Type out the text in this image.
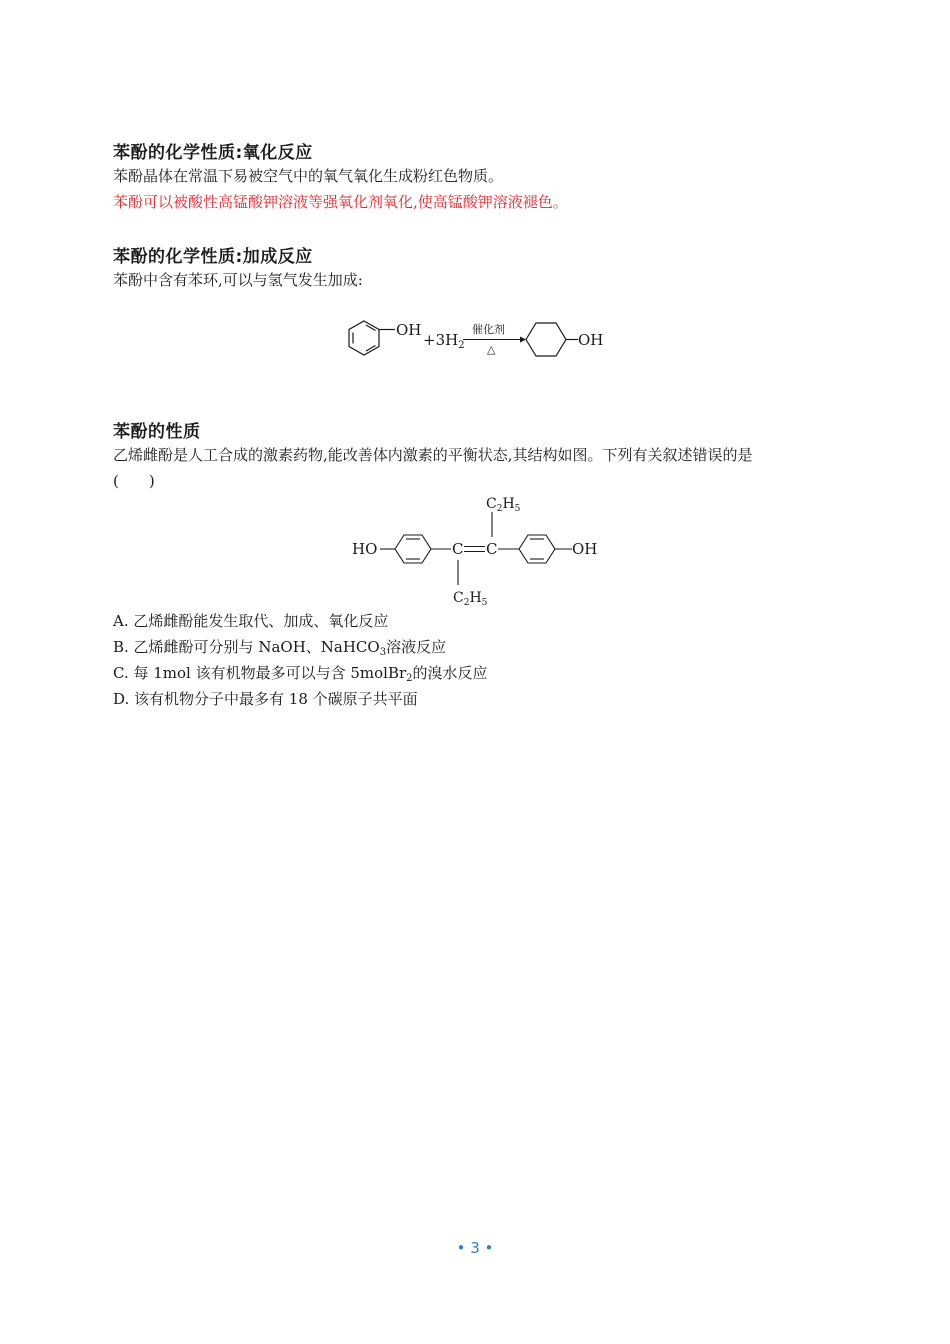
苯酚的化学性质:氧化反应
苯酚晶体在常温下易被空气中的氧气氧化生成粉红色物质。
苯酚可以被酸性高锰酸钾溶液等强氧化剂氧化,使高锰酸钾溶液褪色。
苯酚的化学性质:加成反应
苯酚中含有苯环,可以与氢气发生加成:
OH
$+3H_2$
催化剂
△
OH
苯酚的性质
乙烯雌酚是人工合成的激素药物,能改善体内激素的平衡状态,其结构如图。下列有关叙述错误的是
(　　)
$C_2H_5$
HO	C C	OH
$C_2H_5$
A. 乙烯雌酚能发生取代、加成、氧化反应
B. 乙烯雌酚可分别与 NaOH、NaHCO$_3$溶液反应
C. 每 1mol 该有机物最多可以与含 5molBr$_2$的溴水反应
D. 该有机物分子中最多有 18 个碳原子共平面
• 3 •
